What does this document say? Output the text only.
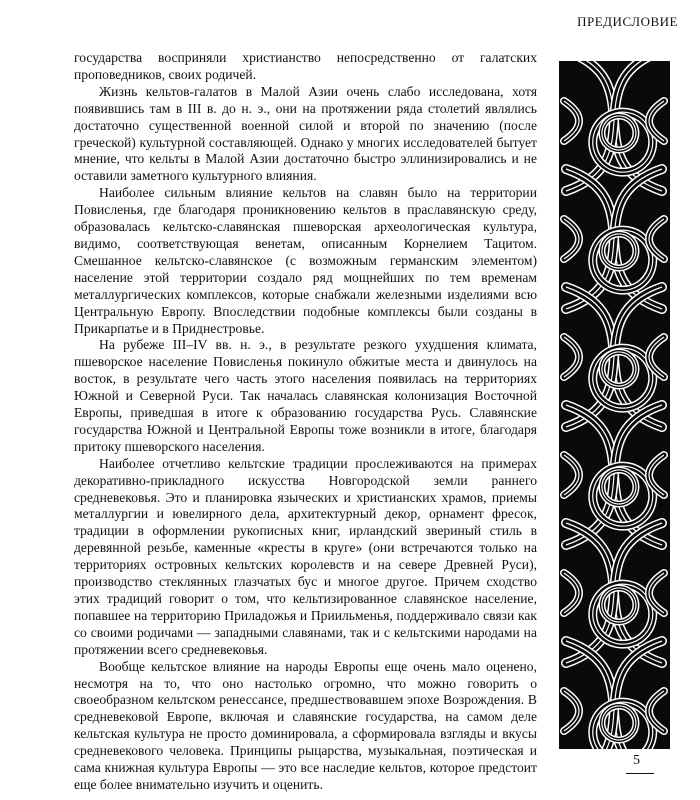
ПРЕДИСЛОВИЕ

государства восприняли христианство непосредственно от галатских проповедников, своих родичей.

Жизнь кельтов-галатов в Малой Азии очень слабо исследована, хотя появившись там в III в. до н. э., они на протяжении ряда столетий являлись достаточно существенной военной силой и второй по значению (после греческой) культурной составляющей. Однако у многих исследователей бытует мнение, что кельты в Малой Азии достаточно быстро эллинизировались и не оставили заметного культурного влияния.

Наиболее сильным влияние кельтов на славян было на территории Повисленья, где благодаря проникновению кельтов в праславянскую среду, образовалась кельтско-славянская пшеворская археологическая культура, видимо, соответствующая венетам, описанным Корнелием Тацитом. Смешанное кельтско-славянское (с возможным германским элементом) население этой территории создало ряд мощнейших по тем временам металлургических комплексов, которые снабжали железными изделиями всю Центральную Европу. Впоследствии подобные комплексы были созданы в Прикарпатье и в Приднестровье.

На рубеже III–IV вв. н. э., в результате резкого ухудшения климата, пшеворское население Повисленья покинуло обжитые места и двинулось на восток, в результате чего часть этого населения появилась на территориях Южной и Северной Руси. Так началась славянская колонизация Восточной Европы, приведшая в итоге к образованию государства Русь. Славянские государства Южной и Центральной Европы тоже возникли в итоге, благодаря притоку пшеворского населения.

Наиболее отчетливо кельтские традиции прослеживаются на примерах декоративно-прикладного искусства Новгородской земли раннего средневековья. Это и планировка языческих и христианских храмов, приемы металлургии и ювелирного дела, архитектурный декор, орнамент фресок, традиции в оформлении рукописных книг, ирландский звериный стиль в деревянной резьбе, каменные «кресты в круге» (они встречаются только на территориях островных кельтских королевств и на севере Древней Руси), производство стеклянных глазчатых бус и многое другое. Причем сходство этих традиций говорит о том, что кельтизированное славянское население, попавшее на территорию Приладожья и Приильменья, поддерживало связи как со своими родичами — западными славянами, так и с кельтскими народами на протяжении всего средневековья.

Вообще кельтское влияние на народы Европы еще очень мало оценено, несмотря на то, что оно настолько огромно, что можно говорить о своеобразном кельтском ренессансе, предшествовавшем эпохе Возрождения. В средневековой Европе, включая и славянские государства, на самом деле кельтская культура не просто доминировала, а сформировала взгляды и вкусы средневекового человека. Принципы рыцарства, музыкальная, поэтическая и сама книжная культура Европы — это все наследие кельтов, которое предстоит еще более внимательно изучить и оценить.

5
